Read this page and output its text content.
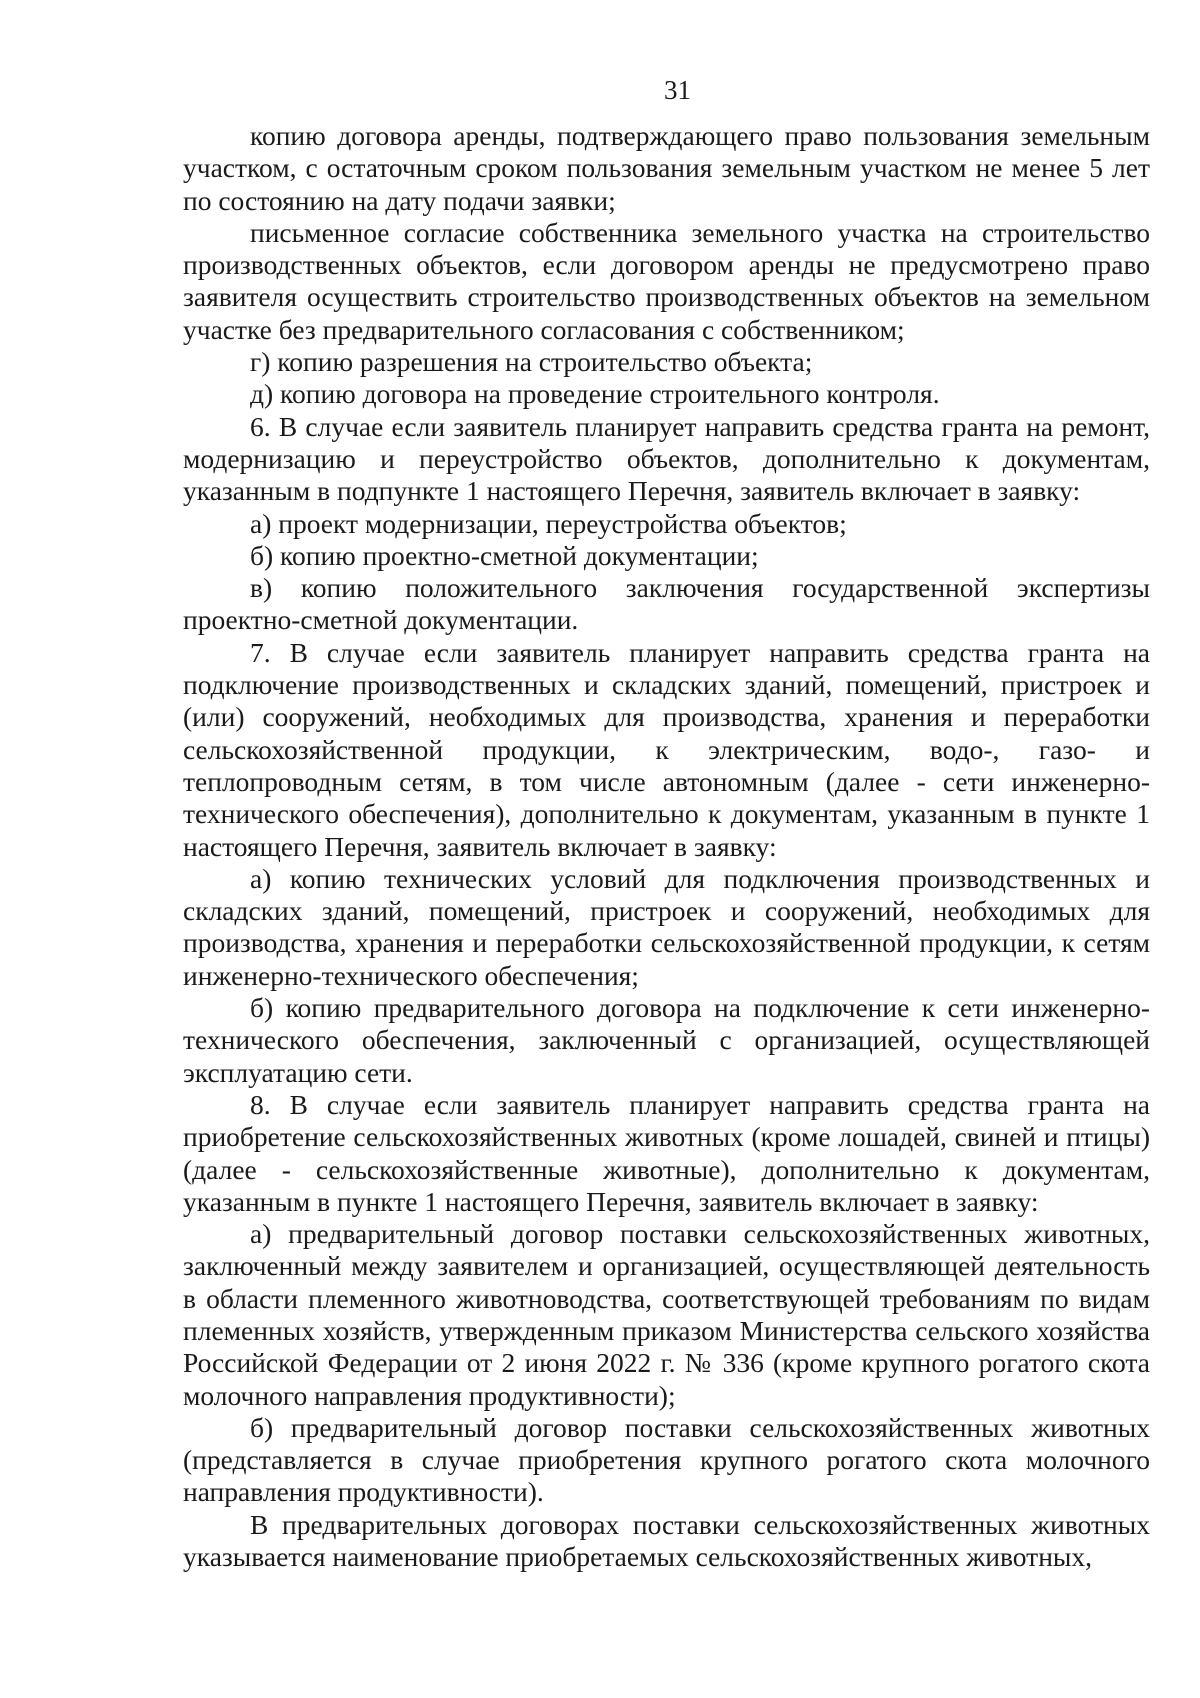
31

копию договора аренды, подтверждающего право пользования земельным участком, с остаточным сроком пользования земельным участком не менее 5 лет по состоянию на дату подачи заявки;

письменное согласие собственника земельного участка на строительство производственных объектов, если договором аренды не предусмотрено право заявителя осуществить строительство производственных объектов на земельном участке без предварительного согласования с собственником;

г) копию разрешения на строительство объекта;

д) копию договора на проведение строительного контроля.

6. В случае если заявитель планирует направить средства гранта на ремонт, модернизацию и переустройство объектов, дополнительно к документам, указанным в подпункте 1 настоящего Перечня, заявитель включает в заявку:

а) проект модернизации, переустройства объектов;

б) копию проектно-сметной документации;

в) копию положительного заключения государственной экспертизы проектно-сметной документации.

7. В случае если заявитель планирует направить средства гранта на подключение производственных и складских зданий, помещений, пристроек и (или) сооружений, необходимых для производства, хранения и переработки сельскохозяйственной продукции, к электрическим, водо-, газо- и теплопроводным сетям, в том числе автономным (далее - сети инженерно-технического обеспечения), дополнительно к документам, указанным в пункте 1 настоящего Перечня, заявитель включает в заявку:

а) копию технических условий для подключения производственных и складских зданий, помещений, пристроек и сооружений, необходимых для производства, хранения и переработки сельскохозяйственной продукции, к сетям инженерно-технического обеспечения;

б) копию предварительного договора на подключение к сети инженерно-технического обеспечения, заключенный с организацией, осуществляющей эксплуатацию сети.

8. В случае если заявитель планирует направить средства гранта на приобретение сельскохозяйственных животных (кроме лошадей, свиней и птицы) (далее - сельскохозяйственные животные), дополнительно к документам, указанным в пункте 1 настоящего Перечня, заявитель включает в заявку:

а) предварительный договор поставки сельскохозяйственных животных, заключенный между заявителем и организацией, осуществляющей деятельность в области племенного животноводства, соответствующей требованиям по видам племенных хозяйств, утвержденным приказом Министерства сельского хозяйства Российской Федерации от 2 июня 2022 г. № 336 (кроме крупного рогатого скота молочного направления продуктивности);

б) предварительный договор поставки сельскохозяйственных животных (представляется в случае приобретения крупного рогатого скота молочного направления продуктивности).

В предварительных договорах поставки сельскохозяйственных животных указывается наименование приобретаемых сельскохозяйственных животных,
